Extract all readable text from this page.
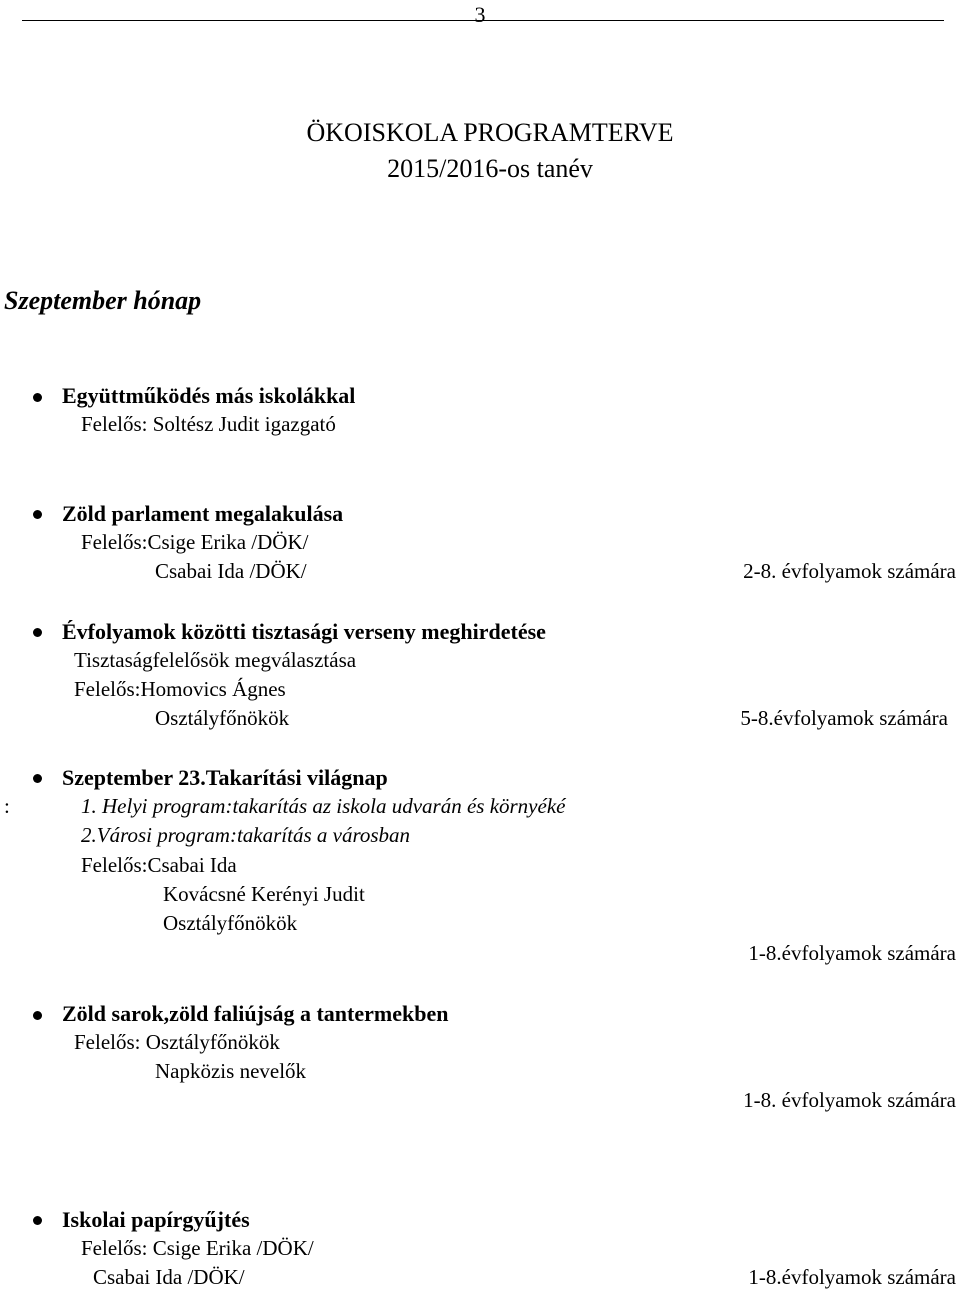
3
ÖKOISKOLA PROGRAMTERVE
2015/2016-os tanév
Szeptember hónap
Együttműködés más iskolákkal
Felelős: Soltész Judit igazgató
Zöld parlament megalakulása
Felelős:Csige Erika /DÖK/
Csabai Ida /DÖK/	2-8. évfolyamok számára
Évfolyamok közötti tisztasági verseny meghirdetése
Tisztaságfelelősök megválasztása
Felelős:Homovics Ágnes
Osztályfőnökök	5-8.évfolyamok számára
Szeptember 23.Takarítási világnap
:	1. Helyi program:takarítás az iskola udvarán és környéké
2.Városi program:takarítás a városban
Felelős:Csabai Ida
Kovácsné Kerényi Judit
Osztályfőnökök
1-8.évfolyamok számára
Zöld sarok,zöld faliújság a tantermekben
Felelős: Osztályfőnökök
Napközis nevelők
1-8. évfolyamok számára
Iskolai papírgyűjtés
Felelős: Csige Erika /DÖK/
Csabai Ida /DÖK/	1-8.évfolyamok számára
